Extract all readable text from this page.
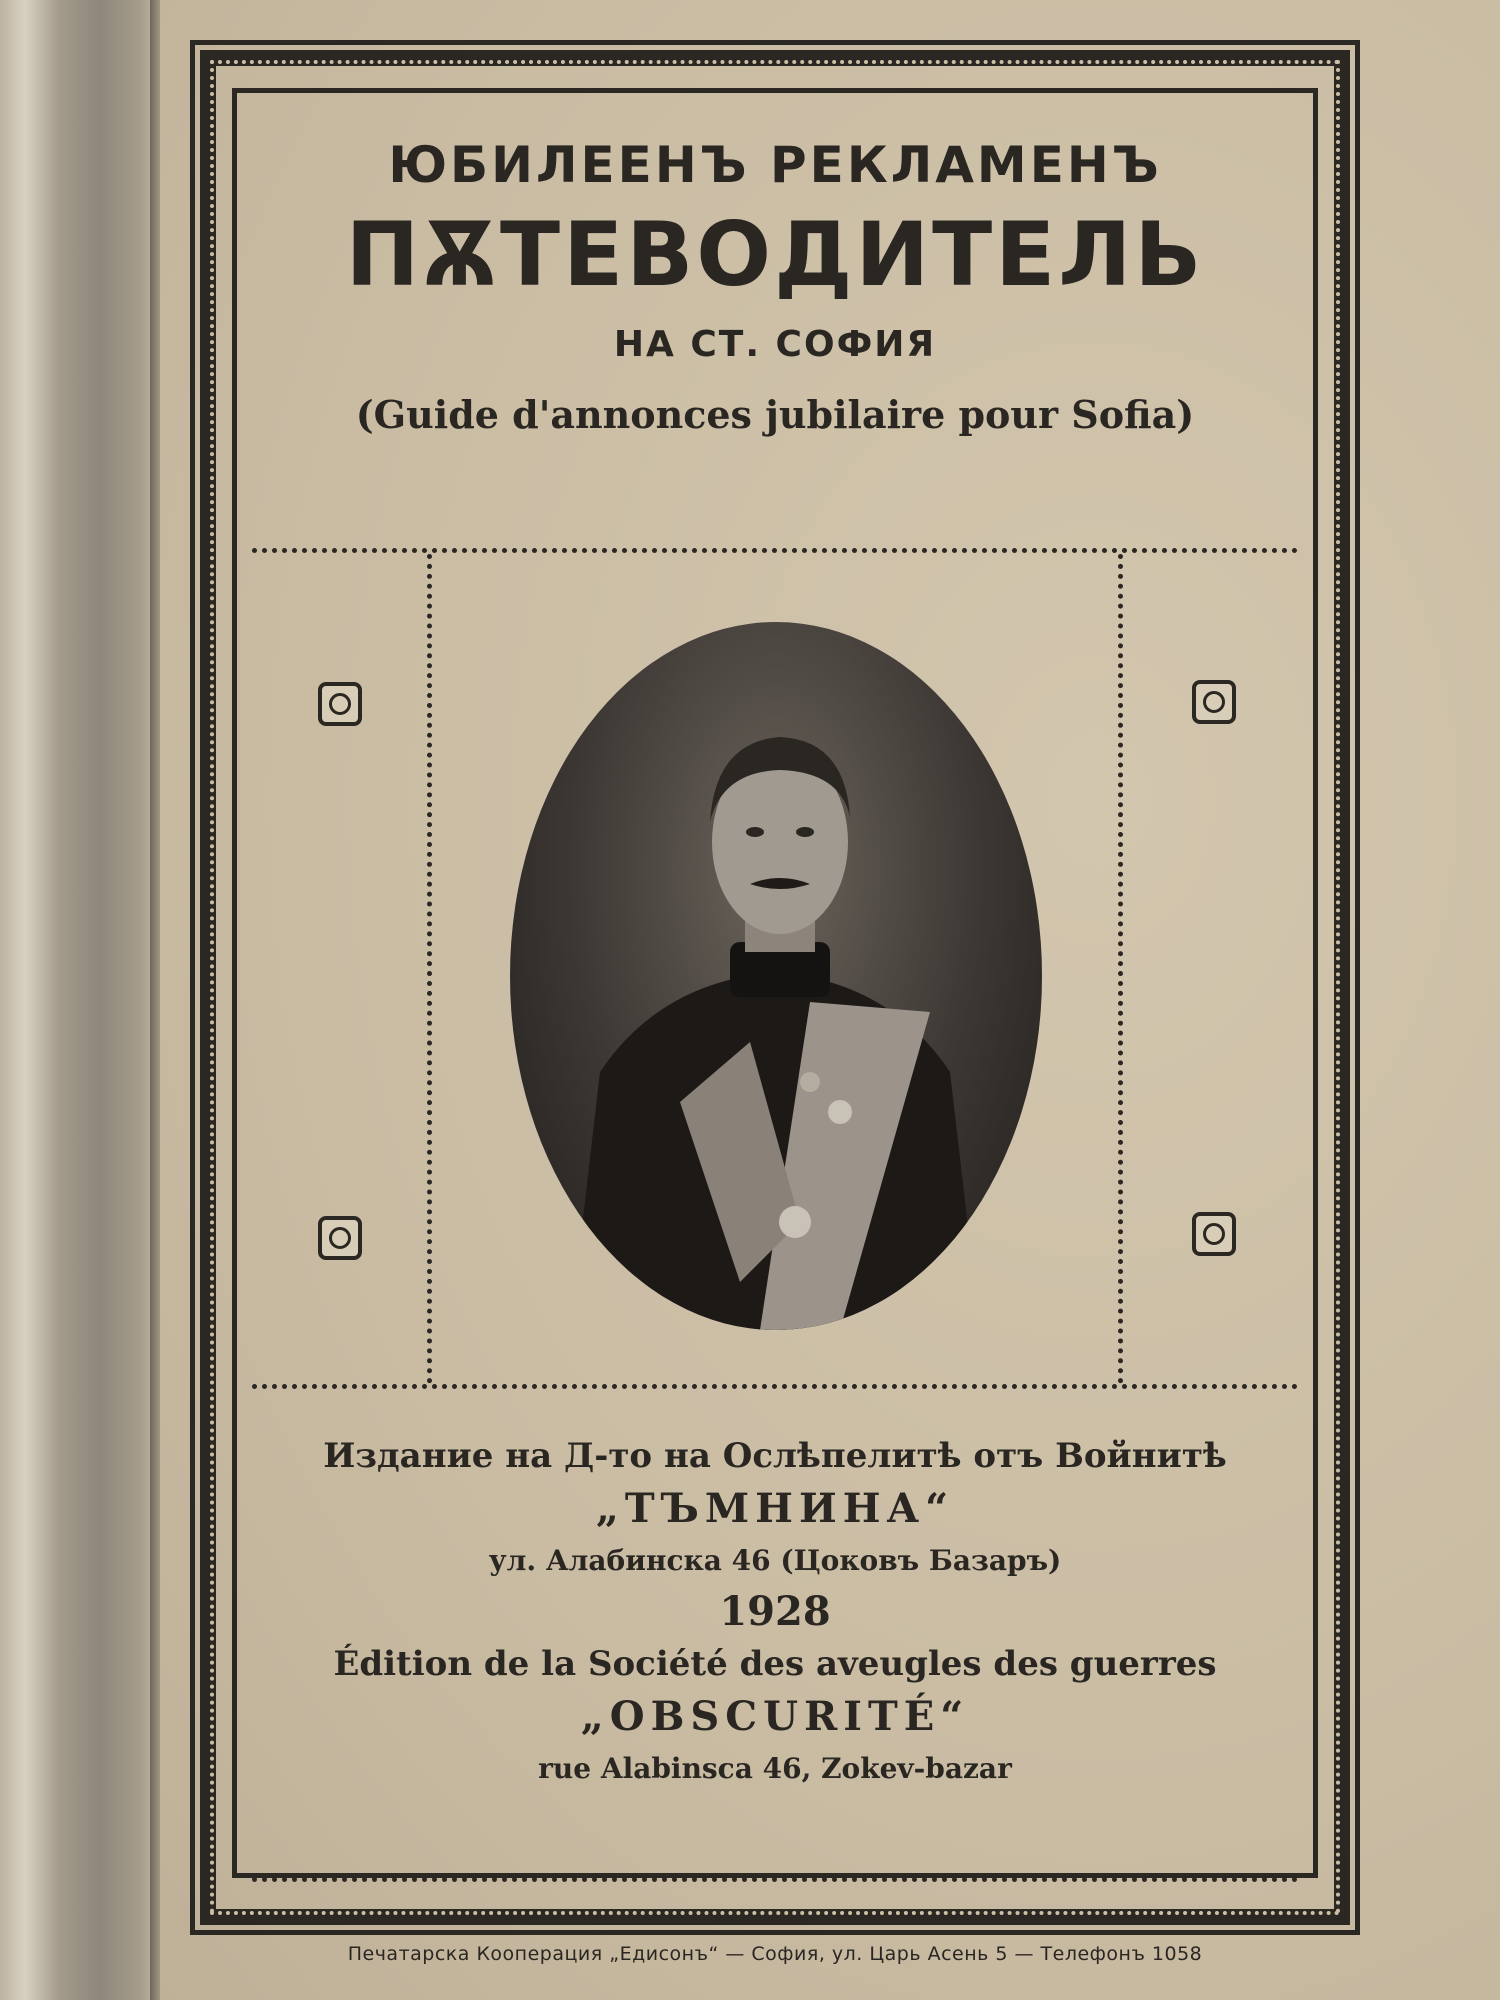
ЮБИЛЕЕНЪ РЕКЛАМЕНЪ

ПѪТЕВОДИТЕЛЬ

НА СТ. СОФИЯ

(Guide d'annonces jubilaire pour Sofia)

Издание на Д-то на Ослѣпелитѣ отъ Войнитѣ

„ТЪМНИНА“

ул. Алабинска 46 (Цоковъ Базаръ)

1928

Édition de la Société des aveugles des guerres

„OBSCURITÉ“

rue Alabinsca 46, Zokev-bazar

Печатарска Кооперация „Едисонъ“ — София, ул. Царь Асень 5 — Телефонъ 1058
